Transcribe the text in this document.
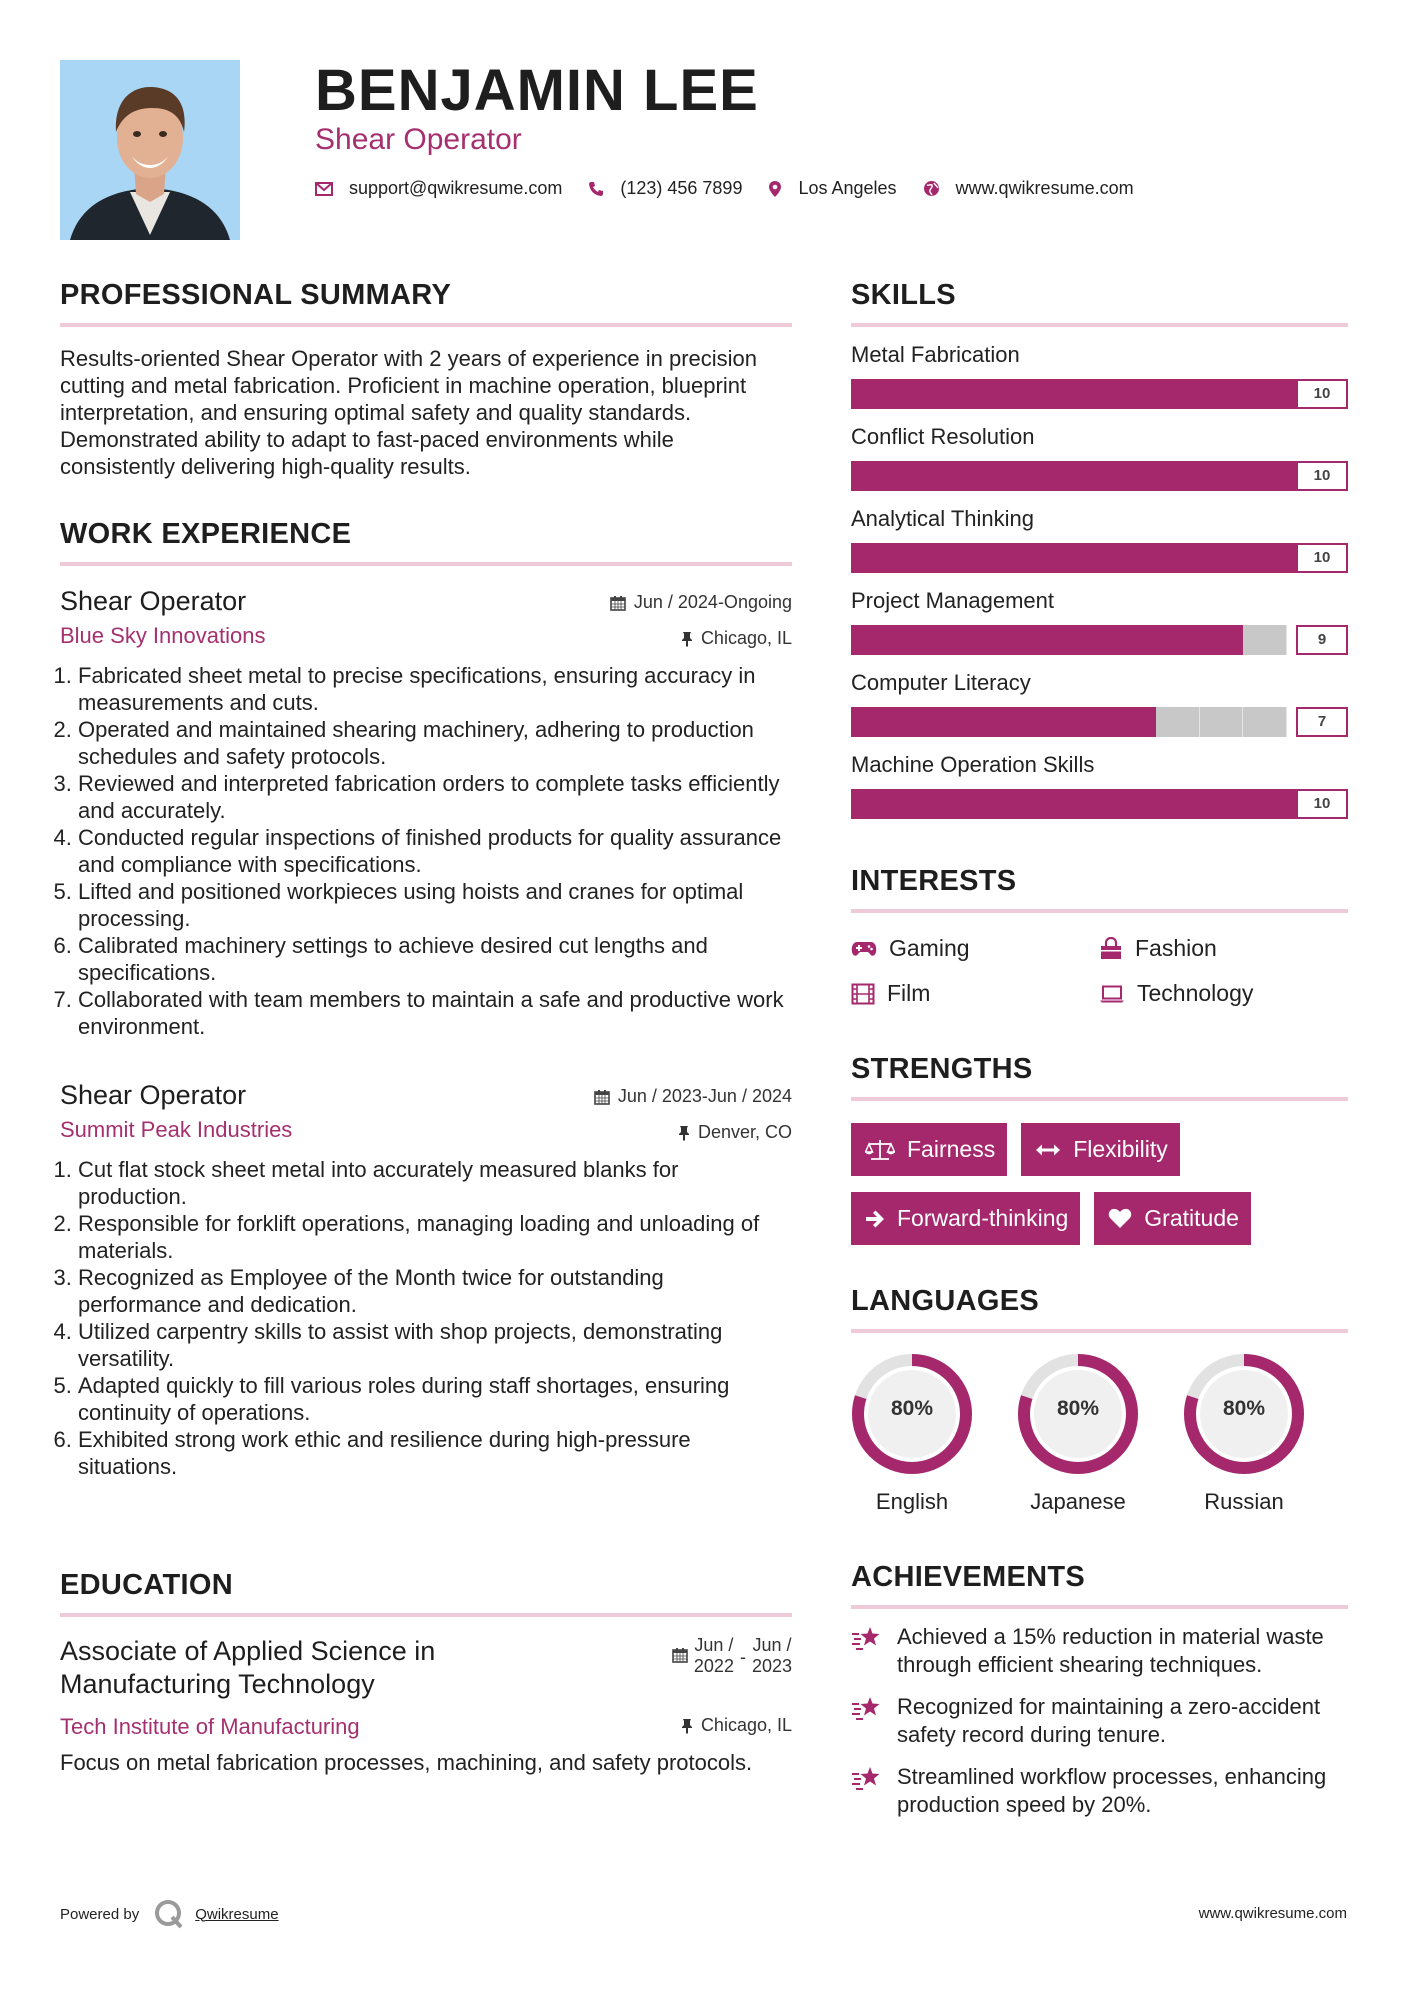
BENJAMIN LEE
Shear Operator
support@qwikresume.com	(123) 456 7899	Los Angeles	www.qwikresume.com
PROFESSIONAL SUMMARY

Results-oriented Shear Operator with 2 years of experience in precision cutting and metal fabrication. Proficient in machine operation, blueprint interpretation, and ensuring optimal safety and quality standards. Demonstrated ability to adapt to fast-paced environments while consistently delivering high-quality results.

WORK EXPERIENCE
Shear Operator	Jun / 2024-Ongoing
Blue Sky Innovations	Chicago, IL
1. Fabricated sheet metal to precise specifications, ensuring accuracy in measurements and cuts.
2. Operated and maintained shearing machinery, adhering to production schedules and safety protocols.
3. Reviewed and interpreted fabrication orders to complete tasks efficiently and accurately.
4. Conducted regular inspections of finished products for quality assurance and compliance with specifications.
5. Lifted and positioned workpieces using hoists and cranes for optimal processing.
6. Calibrated machinery settings to achieve desired cut lengths and specifications.
7. Collaborated with team members to maintain a safe and productive work environment.
Shear Operator	Jun / 2023-Jun / 2024
Summit Peak Industries	Denver, CO
1. Cut flat stock sheet metal into accurately measured blanks for production.
2. Responsible for forklift operations, managing loading and unloading of materials.
3. Recognized as Employee of the Month twice for outstanding performance and dedication.
4. Utilized carpentry skills to assist with shop projects, demonstrating versatility.
5. Adapted quickly to fill various roles during staff shortages, ensuring continuity of operations.
6. Exhibited strong work ethic and resilience during high-pressure situations.
EDUCATION
Associate of Applied Science in Manufacturing Technology
Jun /
2022 -
Jun /
2023
Tech Institute of Manufacturing	Chicago, IL

Focus on metal fabrication processes, machining, and safety protocols.

SKILLS
Metal Fabrication
10
Conflict Resolution
10
Analytical Thinking
10
Project Management
9
Computer Literacy
7
Machine Operation Skills
10
INTERESTS
Gaming	Fashion
Film	Technology
STRENGTHS
Fairness	Flexibility
Forward-thinking	Gratitude
LANGUAGES
80%
English
80%
Japanese
80%
Russian
ACHIEVEMENTS
Achieved a 15% reduction in material waste through efficient shearing techniques.
Recognized for maintaining a zero-accident safety record during tenure.
Streamlined workflow processes, enhancing production speed by 20%.
Powered by	Qwikresume	www.qwikresume.com
